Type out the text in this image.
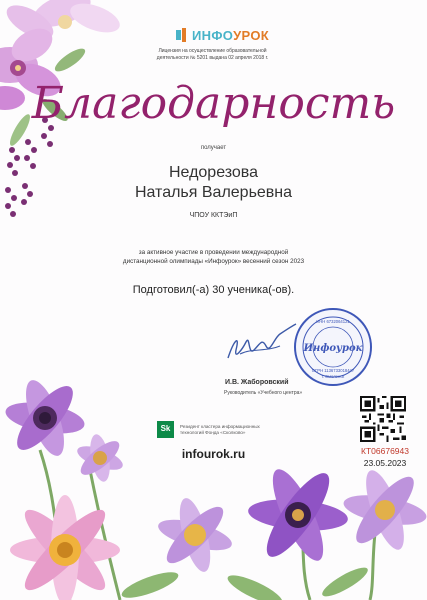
ИНФОУРОК
Лицензия на осуществление образовательной деятельности № 5201 выдана 02 апреля 2018 г.
Благодарность
получает
Недорезова
Наталья Валерьевна
ЧПОУ ККТЭиП
за активное участие в проведении международной дистанционной олимпиады «Инфоурок» весенний сезон 2023
Подготовил(-а) 30 ученика(-ов).
Инфоурок
ИНН 6732064121
ОГРН 1136733018447
г. Смоленск
И.В. Жаборовский
Руководитель «Учебного центра»
Sk	Резидент кластера информационных технологий Фонда «Сколково»
infourok.ru	КТ06676943
23.05.2023
